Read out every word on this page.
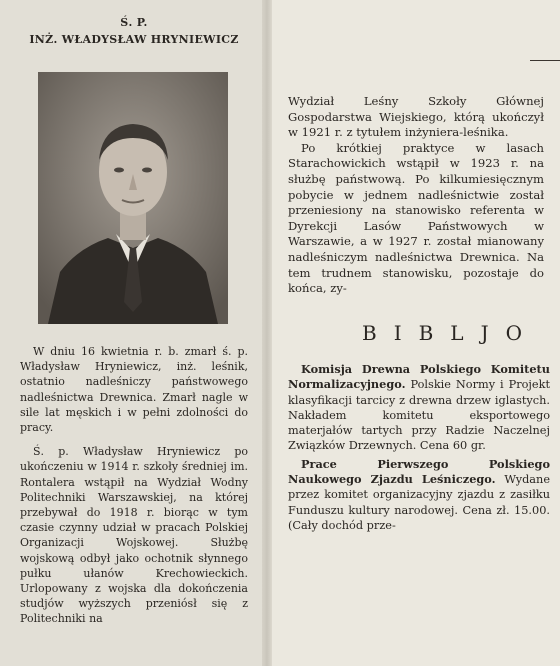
Ś. P.
INŻ. WŁADYSŁAW HRYNIEWICZ

W dniu 16 kwietnia r. b. zmarł ś. p. Władysław Hryniewicz, inż. leśnik, ostatnio nadleśniczy państwowego nadleśnictwa Drewnica. Zmarł nagle w sile lat męskich i w pełni zdolności do pracy.

Ś. p. Władysław Hryniewicz po ukończeniu w 1914 r. szkoły średniej im. Rontalera wstąpił na Wydział Wodny Politechniki Warszawskiej, na której przebywał do 1918 r. biorąc w tym czasie czynny udział w pracach Polskiej Organizacji Wojskowej. Służbę wojskową odbył jako ochotnik słynnego pułku ułanów Krechowieckich. Urlopowany z wojska dla dokończenia studjów wyższych przeniósł się z Politechniki na

Wydział Leśny Szkoły Głównej Gospodarstwa Wiejskiego, którą ukończył w 1921 r. z tytułem inżyniera-leśnika.

Po krótkiej praktyce w lasach Starachowickich wstąpił w 1923 r. na służbę państwową. Po kilkumiesięcznym pobycie w jednem nadleśnictwie został przeniesiony na stanowisko referenta w Dyrekcji Lasów Państwowych w Warszawie, a w 1927 r. został mianowany nadleśniczym nadleśnictwa Drewnica. Na tem trudnem stanowisku, pozostaje do końca, zy-

BIBLJO

Komisja Drewna Polskiego Komitetu Normalizacyjnego. Polskie Normy i Projekt klasyfikacji tarcicy z drewna drzew iglastych. Nakładem komitetu eksportowego materjałów tartych przy Radzie Naczelnej Związków Drzewnych. Cena 60 gr.

Prace Pierwszego Polskiego Naukowego Zjazdu Leśniczego. Wydane przez komitet organizacyjny zjazdu z zasiłku Funduszu kultury narodowej. Cena zł. 15.00. (Cały dochód prze-
